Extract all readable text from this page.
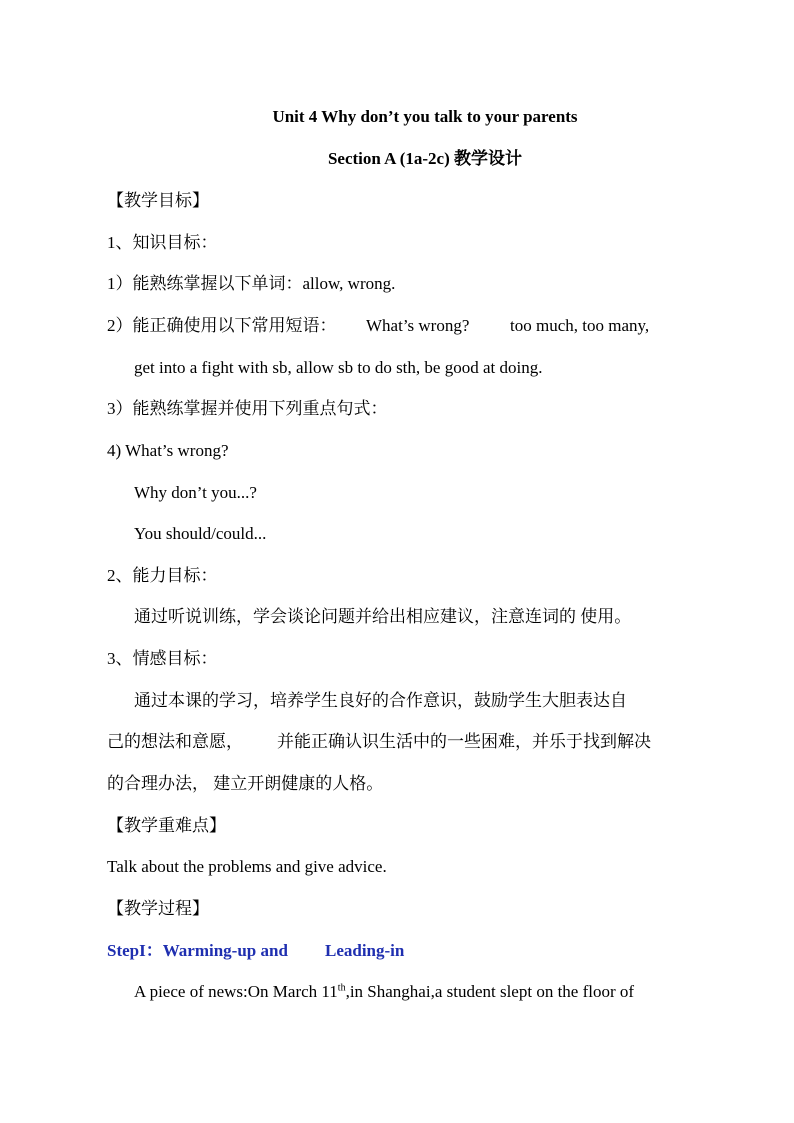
Unit 4 Why don’t you talk to your parents
Section A (1a-2c) 教学设计
【教学目标】
1、知识目标：
1）能熟练掌握以下单词：allow, wrong.
2）能正确使用以下常用短语： What’s wrong? too much, too many,
get into a fight with sb, allow sb to do sth, be good at doing.
3）能熟练掌握并使用下列重点句式：
4) What’s wrong?
Why don’t you...?
You should/could...
2、能力目标：
通过听说训练，学会谈论问题并给出相应建议，注意连词的 使用。
3、情感目标：
通过本课的学习，培养学生良好的合作意识，鼓励学生大胆表达自
己的想法和意愿， 并能正确认识生活中的一些困难，并乐于找到解决
的合理办法， 建立开朗健康的人格。
【教学重难点】
Talk about the problems and give advice.
【教学过程】
StepI：Warming-up and Leading-in
A piece of news:On March 11th,in Shanghai,a student slept on the floor of
